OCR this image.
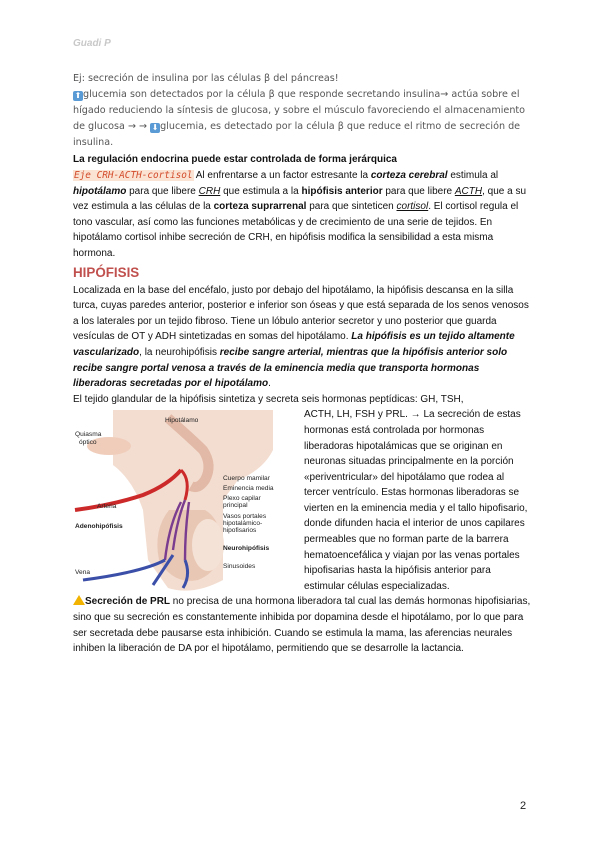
Guadi P
Ej: secreción de insulina por las células β del páncreas!
⬆ glucemia son detectados por la célula β que responde secretando insulina→ actúa sobre el hígado reduciendo la síntesis de glucosa, y sobre el músculo favoreciendo el almacenamiento de glucosa → → ⬇ glucemia, es detectado por la célula β que reduce el ritmo de secreción de insulina.
La regulación endocrina puede estar controlada de forma jerárquica
Eje CRH-ACTH-cortisol Al enfrentarse a un factor estresante la corteza cerebral estimula al hipotálamo para que libere CRH que estimula a la hipófisis anterior para que libere ACTH, que a su vez estimula a las células de la corteza suprarrenal para que sinteticen cortisol. El cortisol regula el tono vascular, así como las funciones metabólicas y de crecimiento de una serie de tejidos. En hipotálamo cortisol inhibe secreción de CRH, en hipófisis modifica la sensibilidad a esta misma hormona.
HIPÓFISIS
Localizada en la base del encéfalo, justo por debajo del hipotálamo, la hipófisis descansa en la silla turca, cuyas paredes anterior, posterior e inferior son óseas y que está separada de los senos venosos a los laterales por un tejido fibroso. Tiene un lóbulo anterior secretor y uno posterior que guarda vesículas de OT y ADH sintetizadas en somas del hipotálamo. La hipófisis es un tejido altamente vascularizado, la neurohipófisis recibe sangre arterial, mientras que la hipófisis anterior solo recibe sangre portal venosa a través de la eminencia media que transporta hormonas liberadoras secretadas por el hipotálamo.
El tejido glandular de la hipófisis sintetiza y secreta seis hormonas peptídicas: GH, TSH,
Hipotálamo
Quiasma
óptico
Cuerpo mamilar
Eminencia media
Plexo capilar
principal
Vasos portales
hipotalámico-
hipofisarios
Arteria
Adenohipófisis
Neurohipófisis
Vena
Sinusoides
ACTH, LH, FSH y PRL. → La secreción de estas hormonas está controlada por hormonas liberadoras hipotalámicas que se originan en neuronas situadas principalmente en la porción «periventricular» del hipotálamo que rodea al tercer ventrículo. Estas hormonas liberadoras se vierten en la eminencia media y el tallo hipofisario, donde difunden hacia el interior de unos capilares permeables que no forman parte de la barrera hematoencefálica y viajan por las venas portales hipofisarias hasta la hipófisis anterior para estimular células especializadas.
Secreción de PRL no precisa de una hormona liberadora tal cual las demás hormonas hipofisiarias, sino que su secreción es constantemente inhibida por dopamina desde el hipotálamo, por lo que para ser secretada debe pausarse esta inhibición. Cuando se estimula la mama, las aferencias neurales inhiben la liberación de DA por el hipotálamo, permitiendo que se desarrolle la lactancia.
2
